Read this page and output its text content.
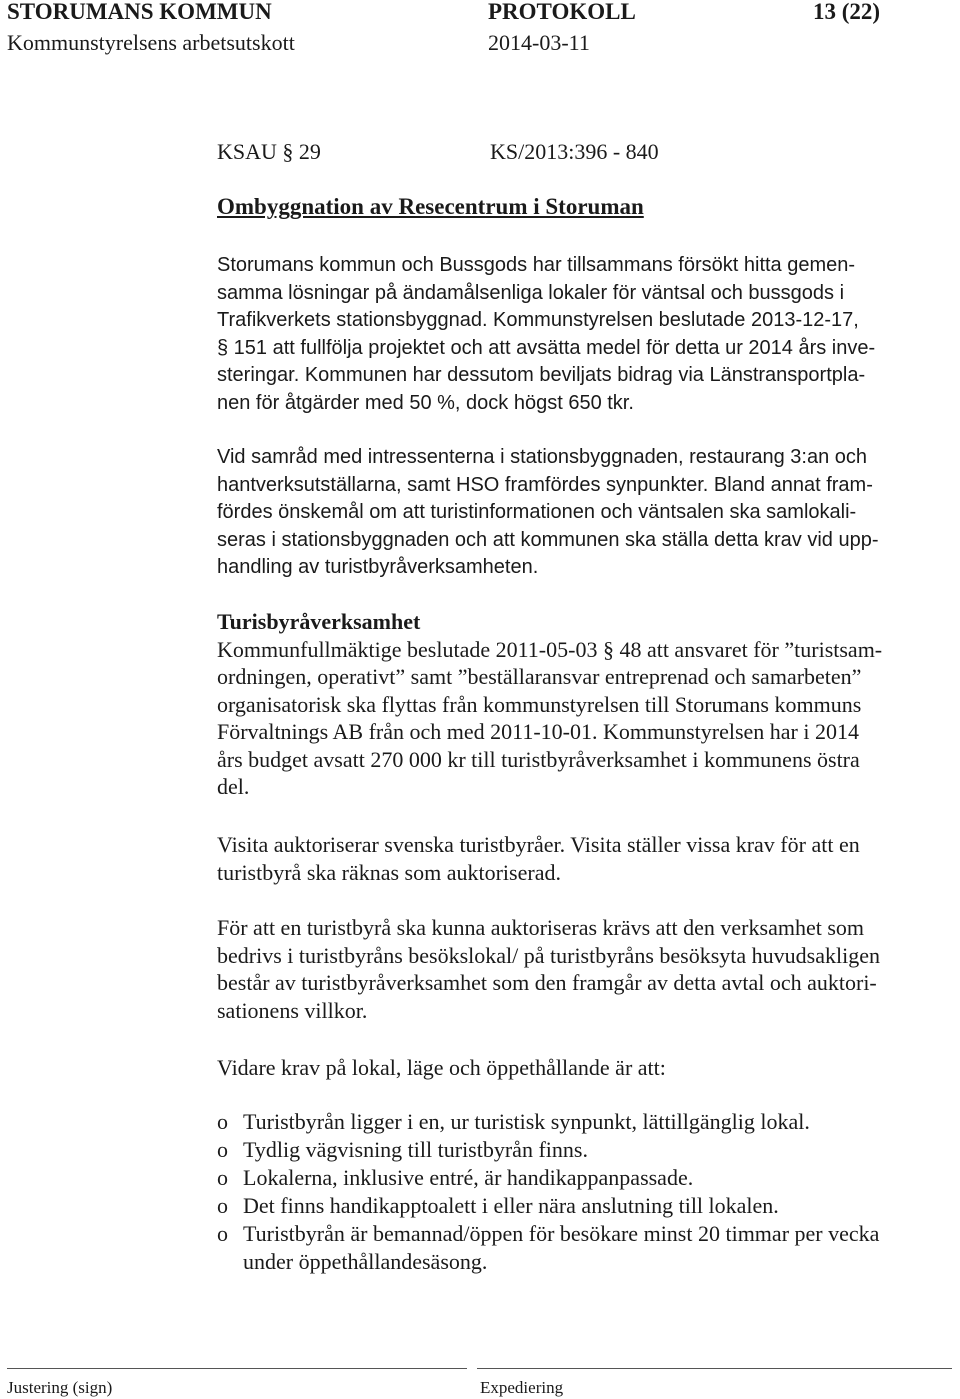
STORUMANS KOMMUN	PROTOKOLL	13 (22)
Kommunstyrelsens arbetsutskott	2014-03-11
KSAU § 29	KS/2013:396 - 840
Ombyggnation av Resecentrum i Storuman
Storumans kommun och Bussgods har tillsammans försökt hitta gemen-
samma lösningar på ändamålsenliga lokaler för väntsal och bussgods i
Trafikverkets stationsbyggnad. Kommunstyrelsen beslutade 2013-12-17,
§ 151 att fullfölja projektet och att avsätta medel för detta ur 2014 års inve-
steringar. Kommunen har dessutom beviljats bidrag via Länstransportpla-
nen för åtgärder med 50 %, dock högst 650 tkr.
Vid samråd med intressenterna i stationsbyggnaden, restaurang 3:an och
hantverksutställarna, samt HSO framfördes synpunkter. Bland annat fram-
fördes önskemål om att turistinformationen och väntsalen ska samlokali-
seras i stationsbyggnaden och att kommunen ska ställa detta krav vid upp-
handling av turistbyråverksamheten.
Turisbyråverksamhet
Kommunfullmäktige beslutade 2011-05-03 § 48 att ansvaret för ”turistsam-
ordningen, operativt” samt ”beställaransvar entreprenad och samarbeten”
organisatorisk ska flyttas från kommunstyrelsen till Storumans kommuns
Förvaltnings AB från och med 2011-10-01. Kommunstyrelsen har i 2014
års budget avsatt 270 000 kr till turistbyråverksamhet i kommunens östra
del.
Visita auktoriserar svenska turistbyråer. Visita ställer vissa krav för att en
turistbyrå ska räknas som auktoriserad.
För att en turistbyrå ska kunna auktoriseras krävs att den verksamhet som
bedrivs i turistbyråns besökslokal/ på turistbyråns besöksyta huvudsakligen
består av turistbyråverksamhet som den framgår av detta avtal och auktori-
sationens villkor.
Vidare krav på lokal, läge och öppethållande är att:
o Turistbyrån ligger i en, ur turistisk synpunkt, lättillgänglig lokal.
o Tydlig vägvisning till turistbyrån finns.
o Lokalerna, inklusive entré, är handikappanpassade.
o Det finns handikapptoalett i eller nära anslutning till lokalen.
o Turistbyrån är bemannad/öppen för besökare minst 20 timmar per vecka
under öppethållandesäsong.
Justering (sign)	Expediering
